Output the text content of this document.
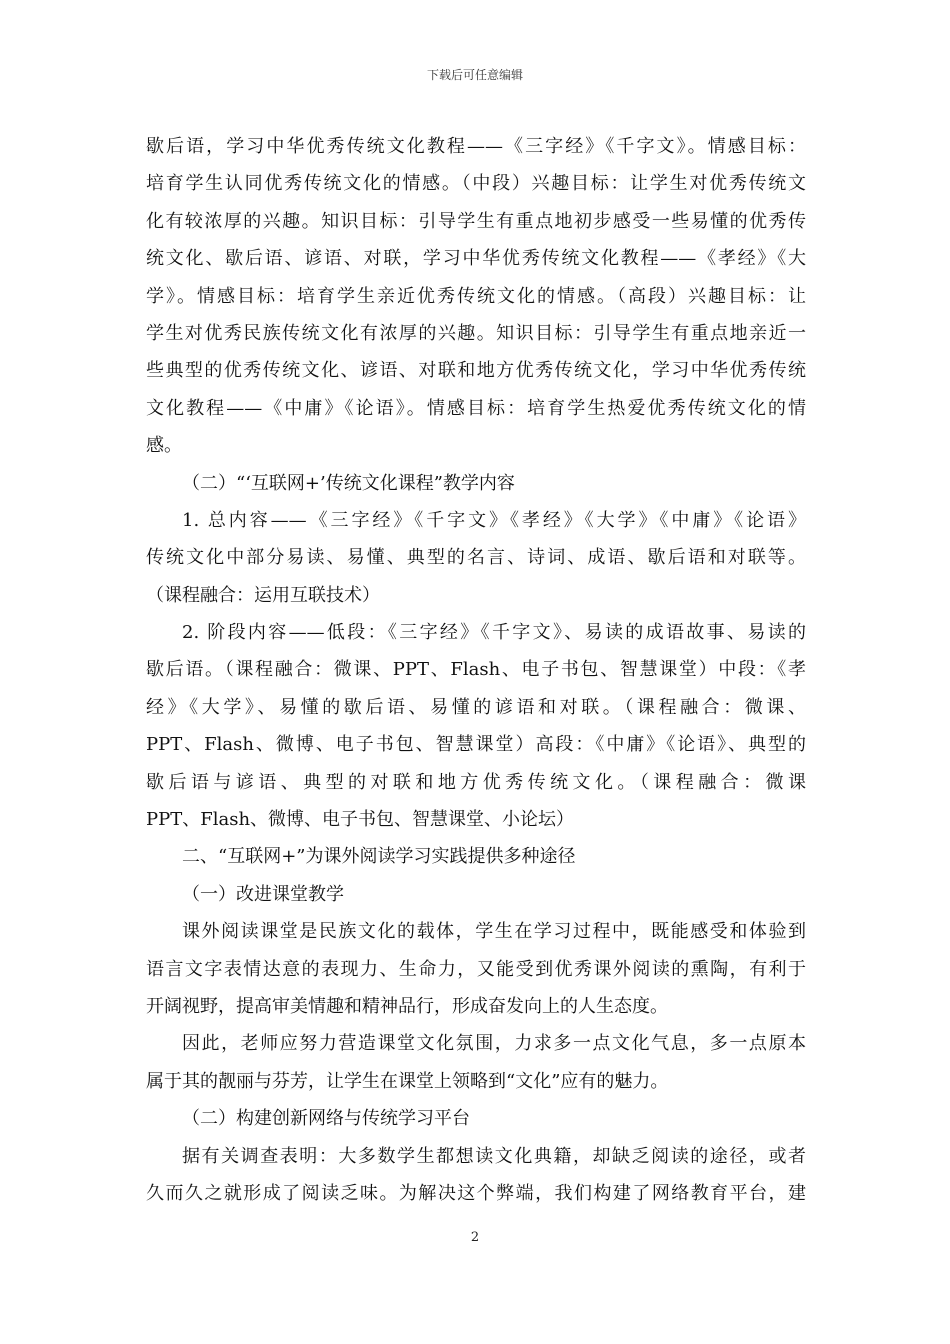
下载后可任意编辑
歇后语，学习中华优秀传统文化教程——《三字经》《千字文》。情感目标：
培育学生认同优秀传统文化的情感。（中段）兴趣目标：让学生对优秀传统文
化有较浓厚的兴趣。知识目标：引导学生有重点地初步感受一些易懂的优秀传
统文化、歇后语、谚语、对联，学习中华优秀传统文化教程——《孝经》《大
学》。情感目标：培育学生亲近优秀传统文化的情感。（高段）兴趣目标：让
学生对优秀民族传统文化有浓厚的兴趣。知识目标：引导学生有重点地亲近一
些典型的优秀传统文化、谚语、对联和地方优秀传统文化，学习中华优秀传统
文化教程——《中庸》《论语》。情感目标：培育学生热爱优秀传统文化的情
感。
（二）“‘互联网+’传统文化课程”教学内容
1. 总内容——《三字经》《千字文》《孝经》《大学》《中庸》《论语》
传统文化中部分易读、易懂、典型的名言、诗词、成语、歇后语和对联等。
（课程融合：运用互联技术）
2. 阶段内容——低段：《三字经》《千字文》、易读的成语故事、易读的
歇后语。（课程融合：微课、PPT、Flash、电子书包、智慧课堂）中段：《孝
经》《大学》、易懂的歇后语、易懂的谚语和对联。（课程融合：微课、
PPT、Flash、微博、电子书包、智慧课堂）高段：《中庸》《论语》、典型的
歇后语与谚语、典型的对联和地方优秀传统文化。（课程融合：微课
PPT、Flash、微博、电子书包、智慧课堂、小论坛）
二、“互联网+”为课外阅读学习实践提供多种途径
（一）改进课堂教学
课外阅读课堂是民族文化的载体，学生在学习过程中，既能感受和体验到
语言文字表情达意的表现力、生命力，又能受到优秀课外阅读的熏陶，有利于
开阔视野，提高审美情趣和精神品行，形成奋发向上的人生态度。
因此，老师应努力营造课堂文化氛围，力求多一点文化气息，多一点原本
属于其的靓丽与芬芳，让学生在课堂上领略到“文化”应有的魅力。
（二）构建创新网络与传统学习平台
据有关调查表明：大多数学生都想读文化典籍，却缺乏阅读的途径，或者
久而久之就形成了阅读乏味。为解决这个弊端，我们构建了网络教育平台，建
2
